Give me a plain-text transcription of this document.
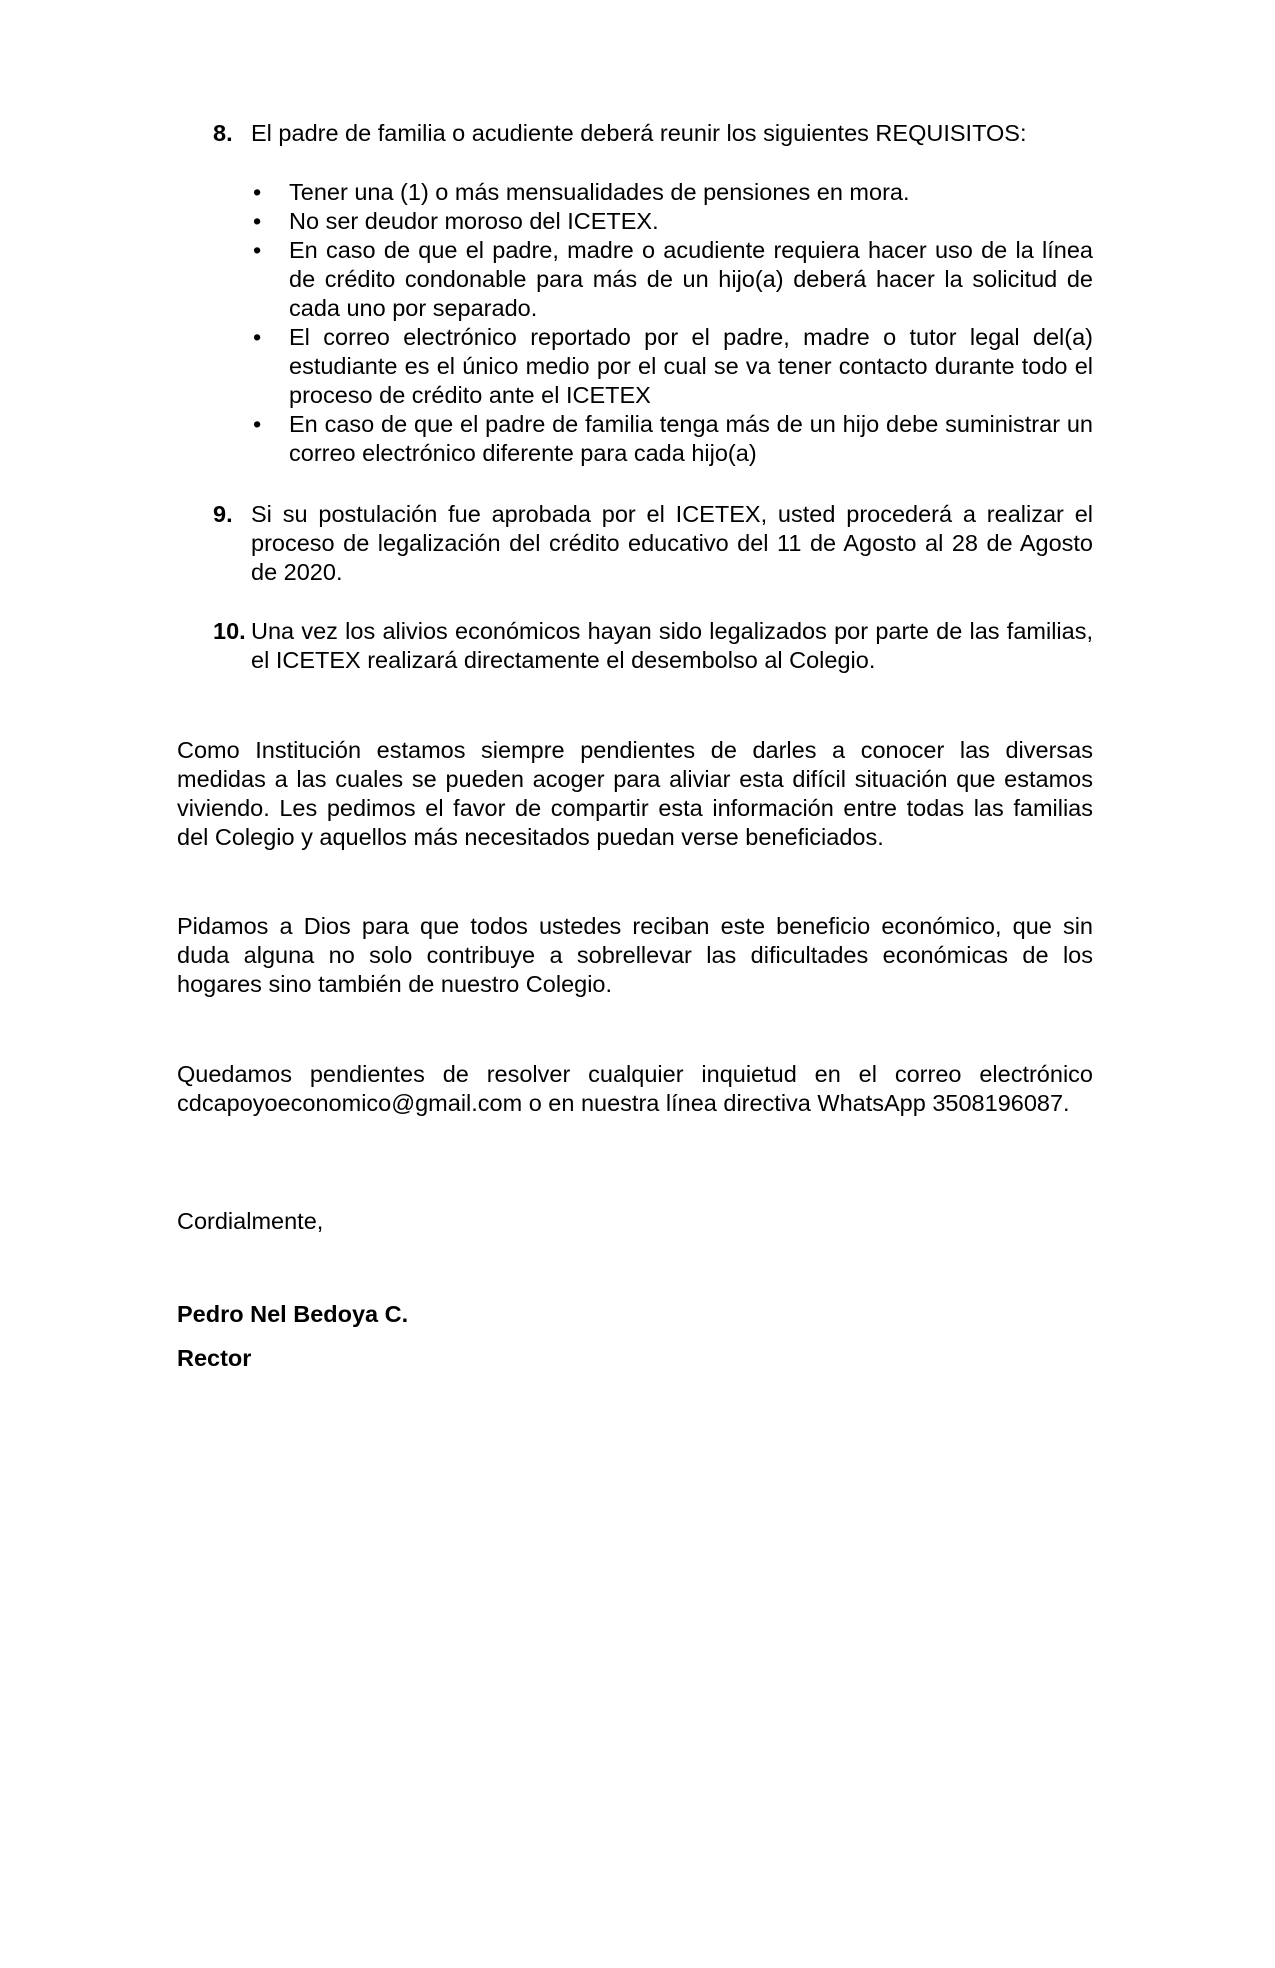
8. El padre de familia o acudiente deberá reunir los siguientes REQUISITOS:
• Tener una (1) o más mensualidades de pensiones en mora.
• No ser deudor moroso del ICETEX.
• En caso de que el padre, madre o acudiente requiera hacer uso de la línea de crédito condonable para más de un hijo(a) deberá hacer la solicitud de cada uno por separado.
• El correo electrónico reportado por el padre, madre o tutor legal del(a) estudiante es el único medio por el cual se va tener contacto durante todo el proceso de crédito ante el ICETEX
• En caso de que el padre de familia tenga más de un hijo debe suministrar un correo electrónico diferente para cada hijo(a)
9. Si su postulación fue aprobada por el ICETEX, usted procederá a realizar el proceso de legalización del crédito educativo del 11 de Agosto al 28 de Agosto de 2020.
10. Una vez los alivios económicos hayan sido legalizados por parte de las familias, el ICETEX realizará directamente el desembolso al Colegio.

Como Institución estamos siempre pendientes de darles a conocer las diversas medidas a las cuales se pueden acoger para aliviar esta difícil situación que estamos viviendo. Les pedimos el favor de compartir esta información entre todas las familias del Colegio y aquellos más necesitados puedan verse beneficiados.

Pidamos a Dios para que todos ustedes reciban este beneficio económico, que sin duda alguna no solo contribuye a sobrellevar las dificultades económicas de los hogares sino también de nuestro Colegio.

Quedamos pendientes de resolver cualquier inquietud en el correo electrónico cdcapoyoeconomico@gmail.com o en nuestra línea directiva WhatsApp 3508196087.

Cordialmente,

Pedro Nel Bedoya C.

Rector
